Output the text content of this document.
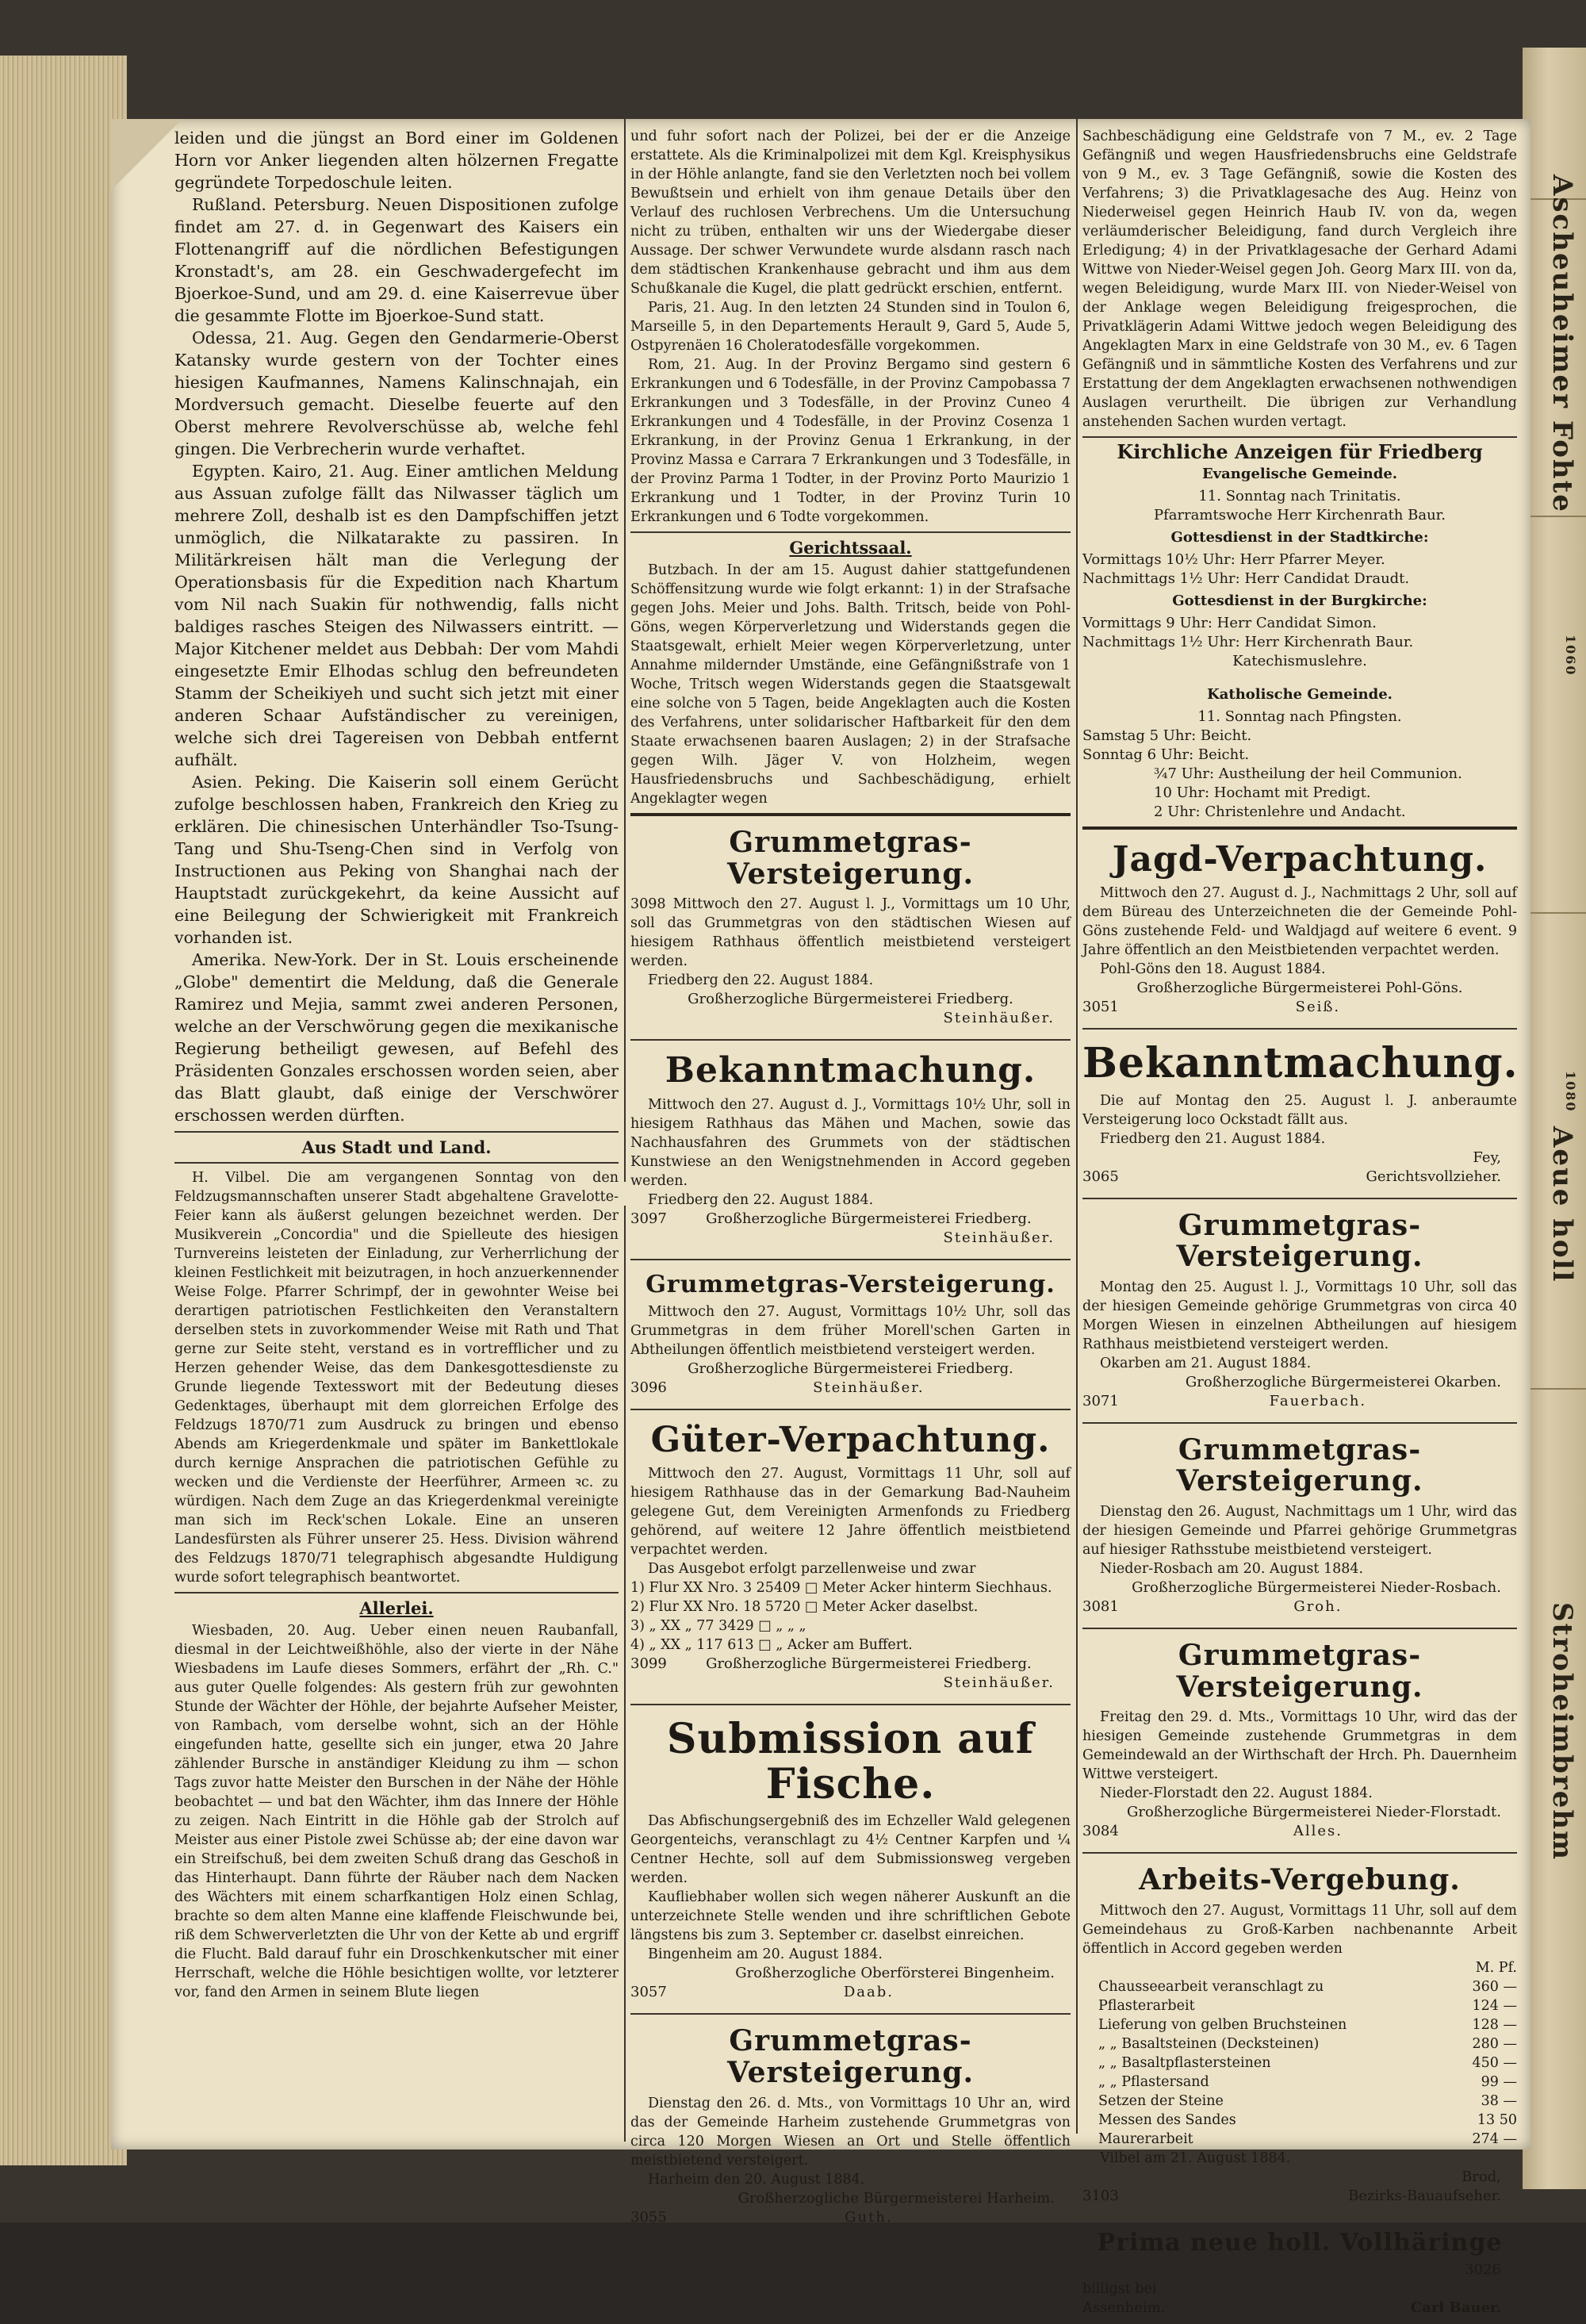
Ascheuheimer Fohte
Aeue holl
Stroheimbrehm
1060
1080

leiden und die jüngst an Bord einer im Goldenen Horn vor Anker liegenden alten hölzernen Fregatte gegründete Torpedoschule leiten.

Rußland. Petersburg. Neuen Dispositionen zufolge findet am 27. d. in Gegenwart des Kaisers ein Flottenangriff auf die nördlichen Befestigungen Kronstadt's, am 28. ein Geschwadergefecht im Bjoerkoe-Sund, und am 29. d. eine Kaiserrevue über die gesammte Flotte im Bjoerkoe-Sund statt.

Odessa, 21. Aug. Gegen den Gendarmerie-Oberst Katansky wurde gestern von der Tochter eines hiesigen Kaufmannes, Namens Kalinschnajah, ein Mordversuch gemacht. Dieselbe feuerte auf den Oberst mehrere Revolverschüsse ab, welche fehl gingen. Die Verbrecherin wurde verhaftet.

Egypten. Kairo, 21. Aug. Einer amtlichen Meldung aus Assuan zufolge fällt das Nilwasser täglich um mehrere Zoll, deshalb ist es den Dampfschiffen jetzt unmöglich, die Nilkatarakte zu passiren. In Militärkreisen hält man die Verlegung der Operationsbasis für die Expedition nach Khartum vom Nil nach Suakin für nothwendig, falls nicht baldiges rasches Steigen des Nilwassers eintritt. — Major Kitchener meldet aus Debbah: Der vom Mahdi eingesetzte Emir Elhodas schlug den befreundeten Stamm der Scheikiyeh und sucht sich jetzt mit einer anderen Schaar Aufständischer zu vereinigen, welche sich drei Tagereisen von Debbah entfernt aufhält.

Asien. Peking. Die Kaiserin soll einem Gerücht zufolge beschlossen haben, Frankreich den Krieg zu erklären. Die chinesischen Unterhändler Tso-Tsung-Tang und Shu-Tseng-Chen sind in Verfolg von Instructionen aus Peking von Shanghai nach der Hauptstadt zurückgekehrt, da keine Aussicht auf eine Beilegung der Schwierigkeit mit Frankreich vorhanden ist.

Amerika. New-York. Der in St. Louis erscheinende „Globe" dementirt die Meldung, daß die Generale Ramirez und Mejia, sammt zwei anderen Personen, welche an der Verschwörung gegen die mexikanische Regierung betheiligt gewesen, auf Befehl des Präsidenten Gonzales erschossen worden seien, aber das Blatt glaubt, daß einige der Verschwörer erschossen werden dürften.

Aus Stadt und Land.

H. Vilbel. Die am vergangenen Sonntag von den Feldzugsmannschaften unserer Stadt abgehaltene Gravelotte-Feier kann als äußerst gelungen bezeichnet werden. Der Musikverein „Concordia" und die Spielleute des hiesigen Turnvereins leisteten der Einladung, zur Verherrlichung der kleinen Festlichkeit mit beizutragen, in hoch anzuerkennender Weise Folge. Pfarrer Schrimpf, der in gewohnter Weise bei derartigen patriotischen Festlichkeiten den Veranstaltern derselben stets in zuvorkommender Weise mit Rath und That gerne zur Seite steht, verstand es in vortrefflicher und zu Herzen gehender Weise, das dem Dankesgottesdienste zu Grunde liegende Textesswort mit der Bedeutung dieses Gedenktages, überhaupt mit dem glorreichen Erfolge des Feldzugs 1870/71 zum Ausdruck zu bringen und ebenso Abends am Kriegerdenkmale und später im Bankettlokale durch kernige Ansprachen die patriotischen Gefühle zu wecken und die Verdienste der Heerführer, Armeen ꝛc. zu würdigen. Nach dem Zuge an das Kriegerdenkmal vereinigte man sich im Reck'schen Lokale. Eine an unseren Landesfürsten als Führer unserer 25. Hess. Division während des Feldzugs 1870/71 telegraphisch abgesandte Huldigung wurde sofort telegraphisch beantwortet.

Allerlei.

Wiesbaden, 20. Aug. Ueber einen neuen Raubanfall, diesmal in der Leichtweißhöhle, also der vierte in der Nähe Wiesbadens im Laufe dieses Sommers, erfährt der „Rh. C." aus guter Quelle folgendes: Als gestern früh zur gewohnten Stunde der Wächter der Höhle, der bejahrte Aufseher Meister, von Rambach, vom derselbe wohnt, sich an der Höhle eingefunden hatte, gesellte sich ein junger, etwa 20 Jahre zählender Bursche in anständiger Kleidung zu ihm — schon Tags zuvor hatte Meister den Burschen in der Nähe der Höhle beobachtet — und bat den Wächter, ihm das Innere der Höhle zu zeigen. Nach Eintritt in die Höhle gab der Strolch auf Meister aus einer Pistole zwei Schüsse ab; der eine davon war ein Streifschuß, bei dem zweiten Schuß drang das Geschoß in das Hinterhaupt. Dann führte der Räuber nach dem Nacken des Wächters mit einem scharfkantigen Holz einen Schlag, brachte so dem alten Manne eine klaffende Fleischwunde bei, riß dem Schwerverletzten die Uhr von der Kette ab und ergriff die Flucht. Bald darauf fuhr ein Droschkenkutscher mit einer Herrschaft, welche die Höhle besichtigen wollte, vor letzterer vor, fand den Armen in seinem Blute liegen

und fuhr sofort nach der Polizei, bei der er die Anzeige erstattete. Als die Kriminalpolizei mit dem Kgl. Kreisphysikus in der Höhle anlangte, fand sie den Verletzten noch bei vollem Bewußtsein und erhielt von ihm genaue Details über den Verlauf des ruchlosen Verbrechens. Um die Untersuchung nicht zu trüben, enthalten wir uns der Wiedergabe dieser Aussage. Der schwer Verwundete wurde alsdann rasch nach dem städtischen Krankenhause gebracht und ihm aus dem Schußkanale die Kugel, die platt gedrückt erschien, entfernt.

Paris, 21. Aug. In den letzten 24 Stunden sind in Toulon 6, Marseille 5, in den Departements Herault 9, Gard 5, Aude 5, Ostpyrenäen 16 Choleratodesfälle vorgekommen.

Rom, 21. Aug. In der Provinz Bergamo sind gestern 6 Erkrankungen und 6 Todesfälle, in der Provinz Campobassa 7 Erkrankungen und 3 Todesfälle, in der Provinz Cuneo 4 Erkrankungen und 4 Todesfälle, in der Provinz Cosenza 1 Erkrankung, in der Provinz Genua 1 Erkrankung, in der Provinz Massa e Carrara 7 Erkrankungen und 3 Todesfälle, in der Provinz Parma 1 Todter, in der Provinz Porto Maurizio 1 Erkrankung und 1 Todter, in der Provinz Turin 10 Erkrankungen und 6 Todte vorgekommen.

Gerichtssaal.

Butzbach. In der am 15. August dahier stattgefundenen Schöffensitzung wurde wie folgt erkannt: 1) in der Strafsache gegen Johs. Meier und Johs. Balth. Tritsch, beide von Pohl-Göns, wegen Körperverletzung und Widerstands gegen die Staatsgewalt, erhielt Meier wegen Körperverletzung, unter Annahme mildernder Umstände, eine Gefängnißstrafe von 1 Woche, Tritsch wegen Widerstands gegen die Staatsgewalt eine solche von 5 Tagen, beide Angeklagten auch die Kosten des Verfahrens, unter solidarischer Haftbarkeit für den dem Staate erwachsenen baaren Auslagen; 2) in der Strafsache gegen Wilh. Jäger V. von Holzheim, wegen Hausfriedensbruchs und Sachbeschädigung, erhielt Angeklagter wegen

Grummetgras-Versteigerung.

3098 Mittwoch den 27. August l. J., Vormittags um 10 Uhr, soll das Grummetgras von den städtischen Wiesen auf hiesigem Rathhaus öffentlich meistbietend versteigert werden.

Friedberg den 22. August 1884.

Großherzogliche Bürgermeisterei Friedberg.
Steinhäußer.
Bekanntmachung.

Mittwoch den 27. August d. J., Vormittags 10½ Uhr, soll in hiesigem Rathhaus das Mähen und Machen, sowie das Nachhausfahren des Grummets von der städtischen Kunstwiese an den Wenigstnehmenden in Accord gegeben werden.

Friedberg den 22. August 1884.

3097	Großherzogliche Bürgermeisterei Friedberg.
Steinhäußer.
Grummetgras-Versteigerung.

Mittwoch den 27. August, Vormittags 10½ Uhr, soll das Grummetgras in dem früher Morell'schen Garten in Abtheilungen öffentlich meistbietend versteigert werden.

Großherzogliche Bürgermeisterei Friedberg.
3096	Steinhäußer.
Güter-Verpachtung.

Mittwoch den 27. August, Vormittags 11 Uhr, soll auf hiesigem Rathhause das in der Gemarkung Bad-Nauheim gelegene Gut, dem Vereinigten Armenfonds zu Friedberg gehörend, auf weitere 12 Jahre öffentlich meistbietend verpachtet werden.

Das Ausgebot erfolgt parzellenweise und zwar

1) Flur XX Nro. 3 25409 □ Meter Acker hinterm Siechhaus.

2) Flur XX Nro. 18 5720 □ Meter Acker daselbst.

3) „ XX „ 77 3429 □ „ „ „

4) „ XX „ 117 613 □ „ Acker am Buffert.

3099	Großherzogliche Bürgermeisterei Friedberg.
Steinhäußer.
Submission auf Fische.

Das Abfischungsergebniß des im Echzeller Wald gelegenen Georgenteichs, veranschlagt zu 4½ Centner Karpfen und ¼ Centner Hechte, soll auf dem Submissionsweg vergeben werden.

Kaufliebhaber wollen sich wegen näherer Auskunft an die unterzeichnete Stelle wenden und ihre schriftlichen Gebote längstens bis zum 3. September cr. daselbst einreichen.

Bingenheim am 20. August 1884.

Großherzogliche Oberförsterei Bingenheim.
3057	Daab.
Grummetgras-Versteigerung.

Dienstag den 26. d. Mts., von Vormittags 10 Uhr an, wird das der Gemeinde Harheim zustehende Grummetgras von circa 120 Morgen Wiesen an Ort und Stelle öffentlich meistbietend versteigert.

Harheim den 20. August 1884.

Großherzogliche Bürgermeisterei Harheim.
3055	Guth.

Sachbeschädigung eine Geldstrafe von 7 M., ev. 2 Tage Gefängniß und wegen Hausfriedensbruchs eine Geldstrafe von 9 M., ev. 3 Tage Gefängniß, sowie die Kosten des Verfahrens; 3) die Privatklagesache des Aug. Heinz von Niederweisel gegen Heinrich Haub IV. von da, wegen verläumderischer Beleidigung, fand durch Vergleich ihre Erledigung; 4) in der Privatklagesache der Gerhard Adami Wittwe von Nieder-Weisel gegen Joh. Georg Marx III. von da, wegen Beleidigung, wurde Marx III. von Nieder-Weisel von der Anklage wegen Beleidigung freigesprochen, die Privatklägerin Adami Wittwe jedoch wegen Beleidigung des Angeklagten Marx in eine Geldstrafe von 30 M., ev. 6 Tagen Gefängniß und in sämmtliche Kosten des Verfahrens und zur Erstattung der dem Angeklagten erwachsenen nothwendigen Auslagen verurtheilt. Die übrigen zur Verhandlung anstehenden Sachen wurden vertagt.

Kirchliche Anzeigen für Friedberg
Evangelische Gemeinde.
11. Sonntag nach Trinitatis.
Pfarramtswoche Herr Kirchenrath Baur.
Gottesdienst in der Stadtkirche:
Vormittags 10½ Uhr: Herr Pfarrer Meyer.
Nachmittags 1½ Uhr: Herr Candidat Draudt.
Gottesdienst in der Burgkirche:
Vormittags 9 Uhr: Herr Candidat Simon.
Nachmittags 1½ Uhr: Herr Kirchenrath Baur.
Katechismuslehre.
Katholische Gemeinde.
11. Sonntag nach Pfingsten.
Samstag 5 Uhr: Beicht.
Sonntag 6 Uhr: Beicht.
¾7 Uhr: Austheilung der heil Communion.
10 Uhr: Hochamt mit Predigt.
2 Uhr: Christenlehre und Andacht.
Jagd-Verpachtung.

Mittwoch den 27. August d. J., Nachmittags 2 Uhr, soll auf dem Büreau des Unterzeichneten die der Gemeinde Pohl-Göns zustehende Feld- und Waldjagd auf weitere 6 event. 9 Jahre öffentlich an den Meistbietenden verpachtet werden.

Pohl-Göns den 18. August 1884.

Großherzogliche Bürgermeisterei Pohl-Göns.
3051	Seiß.
Bekanntmachung.

Die auf Montag den 25. August l. J. anberaumte Versteigerung loco Ockstadt fällt aus.

Friedberg den 21. August 1884.

Fey,
3065	Gerichtsvollzieher.
Grummetgras-Versteigerung.

Montag den 25. August l. J., Vormittags 10 Uhr, soll das der hiesigen Gemeinde gehörige Grummetgras von circa 40 Morgen Wiesen in einzelnen Abtheilungen auf hiesigem Rathhaus meistbietend versteigert werden.

Okarben am 21. August 1884.

Großherzogliche Bürgermeisterei Okarben.
3071	Fauerbach.
Grummetgras-Versteigerung.

Dienstag den 26. August, Nachmittags um 1 Uhr, wird das der hiesigen Gemeinde und Pfarrei gehörige Grummetgras auf hiesiger Rathsstube meistbietend versteigert.

Nieder-Rosbach am 20. August 1884.

Großherzogliche Bürgermeisterei Nieder-Rosbach.
3081	Groh.
Grummetgras-Versteigerung.

Freitag den 29. d. Mts., Vormittags 10 Uhr, wird das der hiesigen Gemeinde zustehende Grummetgras in dem Gemeindewald an der Wirthschaft der Hrch. Ph. Dauernheim Wittwe versteigert.

Nieder-Florstadt den 22. August 1884.

Großherzogliche Bürgermeisterei Nieder-Florstadt.
3084	Alles.
Arbeits-Vergebung.

Mittwoch den 27. August, Vormittags 11 Uhr, soll auf dem Gemeindehaus zu Groß-Karben nachbenannte Arbeit öffentlich in Accord gegeben werden

M. Pf.
Chausseearbeit veranschlagt zu	360 —
Pflasterarbeit	124 —
Lieferung von gelben Bruchsteinen	128 —
„ „ Basaltsteinen (Decksteinen)	280 —
„ „ Basaltpflastersteinen	450 —
„ „ Pflastersand	99 —
Setzen der Steine	38 —
Messen des Sandes	13 50
Maurerarbeit	274 —

Vilbel am 21. August 1884.

Brod,
3103	Bezirks-Bauaufseher.
Prima neue holl. Vollhäringe
3026

billigst bei

Assenheim.	Carl Bauer.
